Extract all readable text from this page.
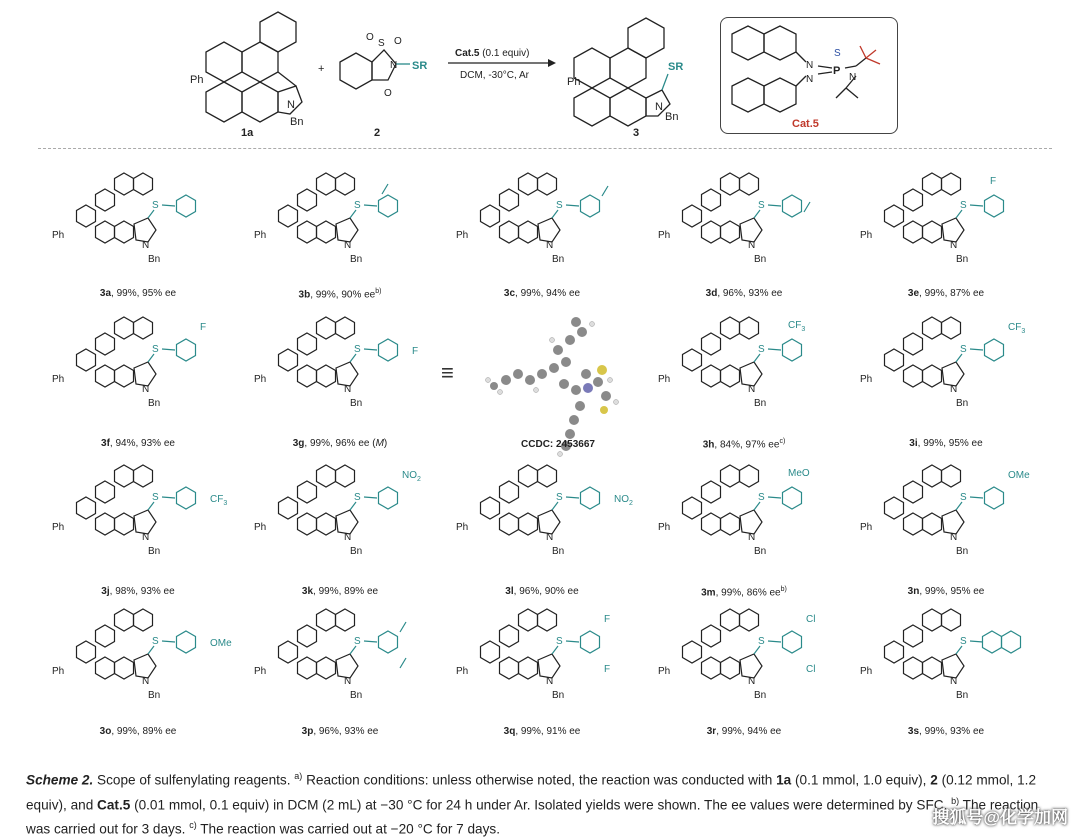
Ph
N
Bn
1a
+
S
O O
N SR
O
2
Cat.5 (0.1 equiv)
DCM, -30°C, Ar
SR
Ph
N
Bn
3
N
N
P
S
N
Cat.5
Ph
N
Bn
S
3a, 99%, 95% ee
Ph
N
Bn
S
3b, 99%, 90% $ee^{b)}$
Ph
N
Bn
S
3c, 99%, 94% ee
Ph
N
Bn
S
3d, 96%, 93% ee
Ph
N
Bn
S
F
3e, 99%, 87% ee
Ph
N
Bn
S
F
3f, 94%, 93% ee
Ph
N
Bn
S	F
3g, 99%, 96% ee (M)
Ph
N
Bn
S
$CF_3$
3h, 84%, 97% $ee^{c)}$
Ph
N
Bn
S
$CF_3$
3i, 99%, 95% ee
Ph
N
Bn
S	$CF_3$
3j, 98%, 93% ee
Ph
N
Bn
S
$NO_2$
3k, 99%, 89% ee
Ph
N
Bn
S	$NO_2$
3l, 96%, 90% ee
Ph
N
Bn
S
MeO
3m, 99%, 86% $ee^{b)}$
Ph
N
Bn
S
OMe
3n, 99%, 95% ee
Ph
N
Bn
S	OMe
3o, 99%, 89% ee
Ph
N
Bn
S
3p, 96%, 93% ee
Ph
N
Bn
S
F
F
3q, 99%, 91% ee
Ph
N
Bn
S
Cl
Cl
3r, 99%, 94% ee
Ph
N
Bn
S
3s, 99%, 93% ee
≡
CCDC: 2453667
Scheme 2. Scope of sulfenylating reagents. $^{a)}$ Reaction conditions: unless otherwise noted, the reaction was conducted with 1a (0.1 mmol, 1.0 equiv), 2 (0.12 mmol, 1.2 equiv), and Cat.5 (0.01 mmol, 0.1 equiv) in DCM (2 mL) at −30 °C for 24 h under Ar. Isolated yields were shown. The ee values were determined by SFC. $^{b)}$ The reaction was carried out for 3 days. $^{c)}$ The reaction was carried out at −20 °C for 7 days.
搜狐号@化学加网
